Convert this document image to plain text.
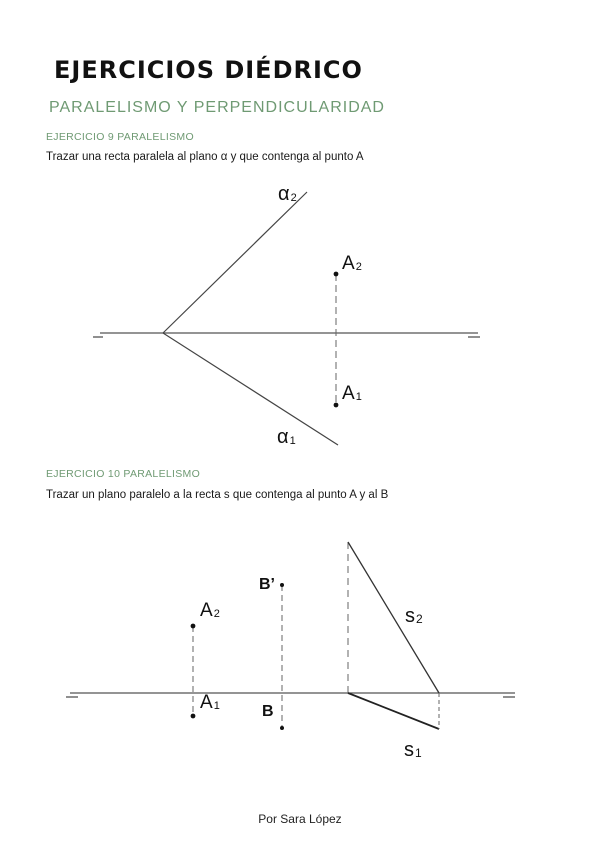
EJERCICIOS DIÉDRICO
PARALELISMO Y PERPENDICULARIDAD
EJERCICIO 9 PARALELISMO
Trazar una recta paralela al plano α y que contenga al punto A
α2
A2
A1
α1
EJERCICIO 10 PARALELISMO
Trazar un plano paralelo a la recta s que contenga al punto A y al B
A2
A1
B’
B
s2
s1
Por Sara López
